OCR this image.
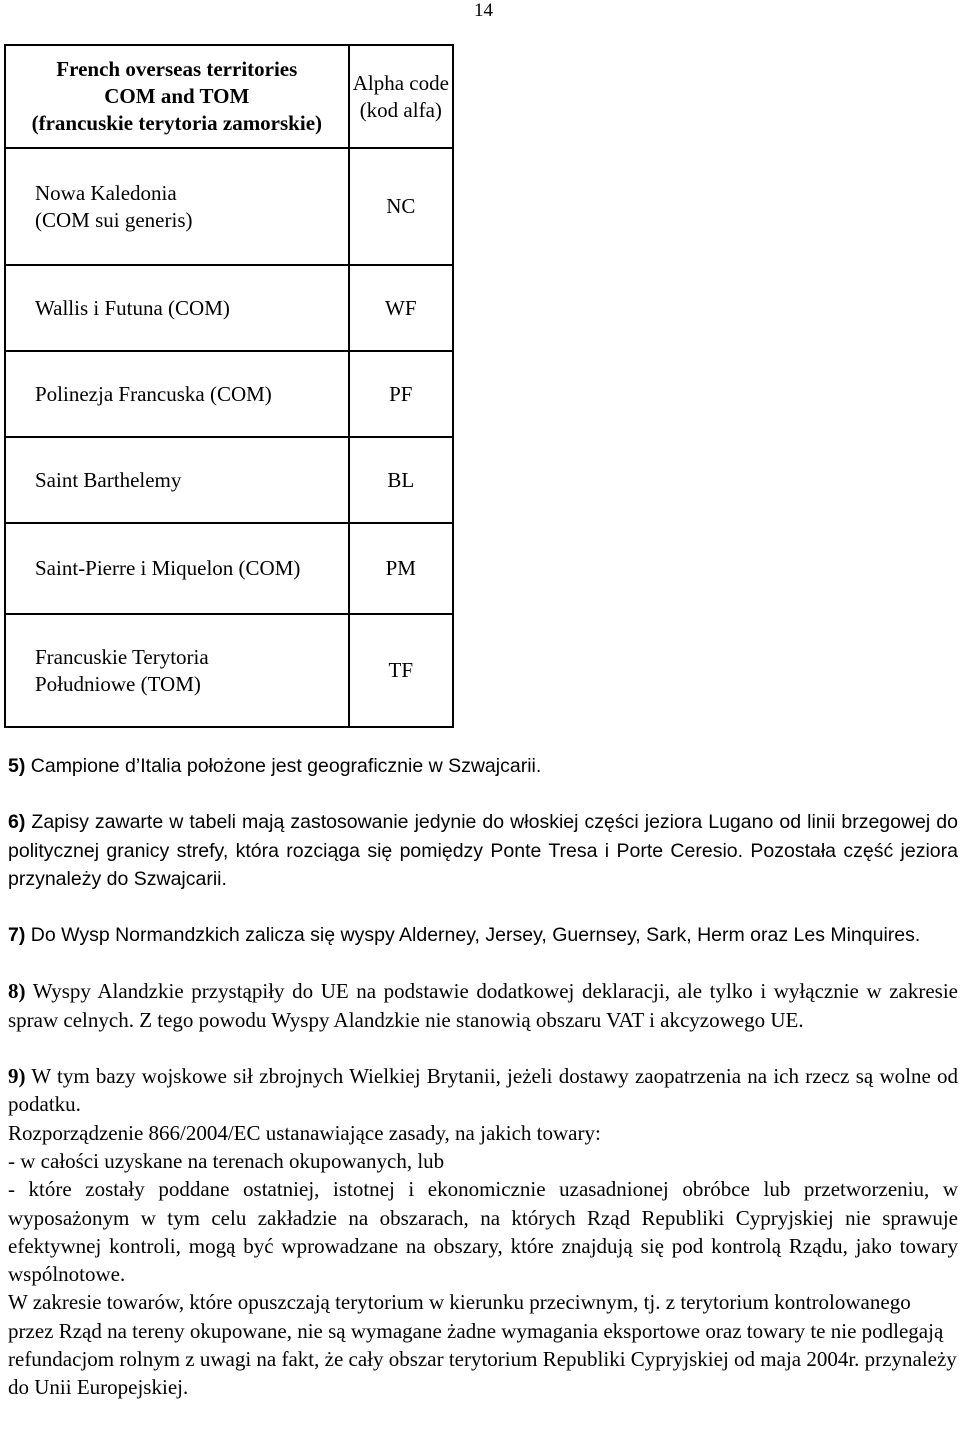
14
French overseas territories
COM and TOM
(francuskie terytoria zamorskie)	Alpha code
(kod alfa)

Nowa Kaledonia
(COM sui generis)	NC

Wallis i Futuna (COM)	WF

Polinezja Francuska (COM)	PF

Saint Barthelemy	BL

Saint-Pierre i Miquelon (COM)	PM

Francuskie Terytoria
Południowe (TOM)	TF

5) Campione d’Italia położone jest geograficznie w Szwajcarii.

6) Zapisy zawarte w tabeli mają zastosowanie jedynie do włoskiej części jeziora Lugano od linii brzegowej do politycznej granicy strefy, która rozciąga się pomiędzy Ponte Tresa i Porte Ceresio. Pozostała część jeziora przynależy do Szwajcarii.

7) Do Wysp Normandzkich zalicza się wyspy Alderney, Jersey, Guernsey, Sark, Herm oraz Les Minquires.

8) Wyspy Alandzkie przystąpiły do UE na podstawie dodatkowej deklaracji, ale tylko i wyłącznie w zakresie spraw celnych. Z tego powodu Wyspy Alandzkie nie stanowią obszaru VAT i akcyzowego UE.

9) W tym bazy wojskowe sił zbrojnych Wielkiej Brytanii, jeżeli dostawy zaopatrzenia na ich rzecz są wolne od podatku.

Rozporządzenie 866/2004/EC ustanawiające zasady, na jakich towary:

- w całości uzyskane na terenach okupowanych, lub

- które zostały poddane ostatniej, istotnej i ekonomicznie uzasadnionej obróbce lub przetworzeniu, w wyposażonym w tym celu zakładzie na obszarach, na których Rząd Republiki Cypryjskiej nie sprawuje efektywnej kontroli, mogą być wprowadzane na obszary, które znajdują się pod kontrolą Rządu, jako towary wspólnotowe.

W zakresie towarów, które opuszczają terytorium w kierunku przeciwnym, tj. z terytorium kontrolowanego przez Rząd na tereny okupowane, nie są wymagane żadne wymagania eksportowe oraz towary te nie podlegają refundacjom rolnym z uwagi na fakt, że cały obszar terytorium Republiki Cypryjskiej od maja 2004r. przynależy do Unii Europejskiej.
